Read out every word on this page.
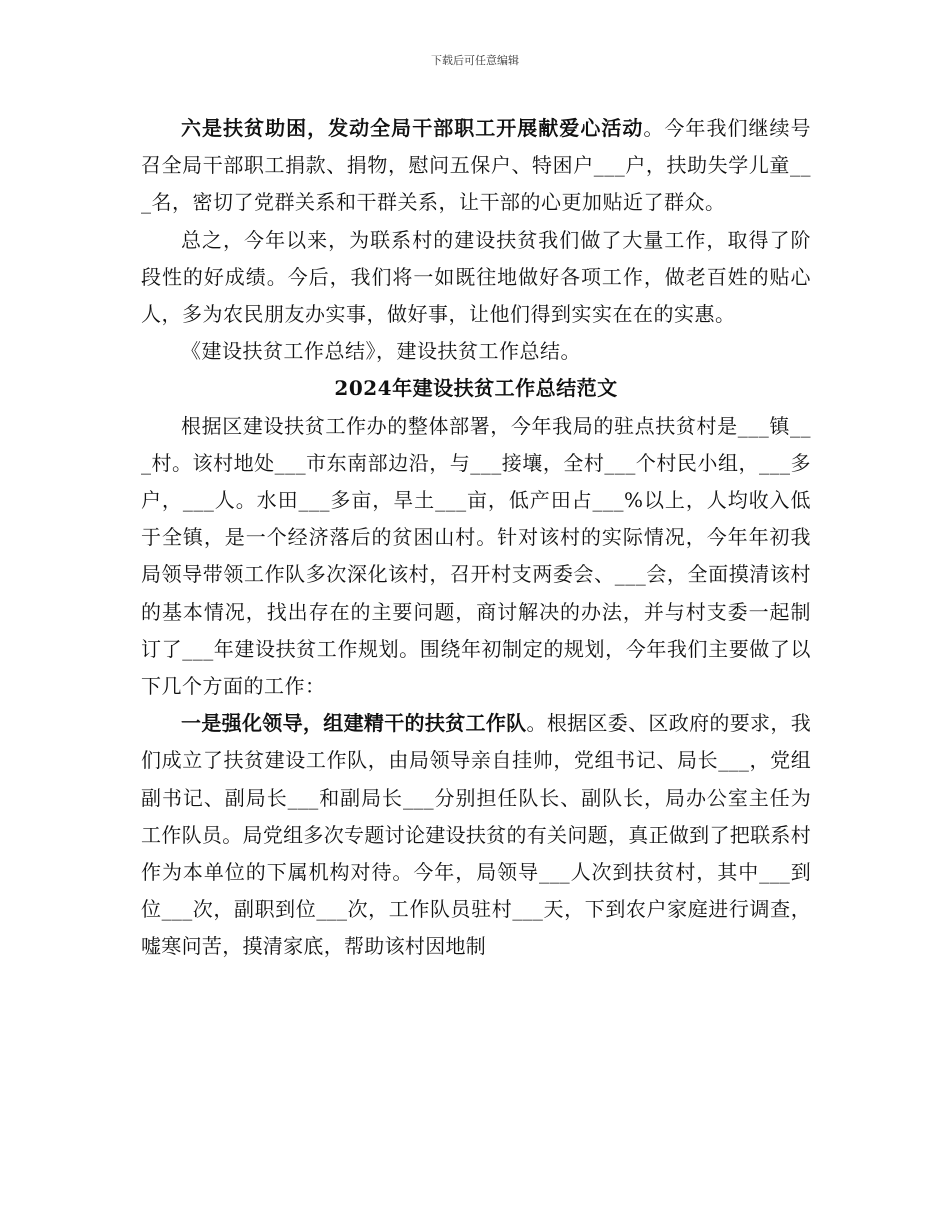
下载后可任意编辑

六是扶贫助困，发动全局干部职工开展献爱心活动。今年我们继续号召全局干部职工捐款、捐物，慰问五保户、特困户___户，扶助失学儿童___名，密切了党群关系和干群关系，让干部的心更加贴近了群众。

总之，今年以来，为联系村的建设扶贫我们做了大量工作，取得了阶段性的好成绩。今后，我们将一如既往地做好各项工作，做老百姓的贴心人，多为农民朋友办实事，做好事，让他们得到实实在在的实惠。

《建设扶贫工作总结》，建设扶贫工作总结。

2024年建设扶贫工作总结范文

根据区建设扶贫工作办的整体部署，今年我局的驻点扶贫村是___镇___村。该村地处___市东南部边沿，与___接壤，全村___个村民小组，___多户，___人。水田___多亩，旱土___亩，低产田占___%以上，人均收入低于全镇，是一个经济落后的贫困山村。针对该村的实际情况，今年年初我局领导带领工作队多次深化该村，召开村支两委会、___会，全面摸清该村的基本情况，找出存在的主要问题，商讨解决的办法，并与村支委一起制订了___年建设扶贫工作规划。围绕年初制定的规划，今年我们主要做了以下几个方面的工作：

一是强化领导，组建精干的扶贫工作队。根据区委、区政府的要求，我们成立了扶贫建设工作队，由局领导亲自挂帅，党组书记、局长___，党组副书记、副局长___和副局长___分别担任队长、副队长，局办公室主任为工作队员。局党组多次专题讨论建设扶贫的有关问题，真正做到了把联系村作为本单位的下属机构对待。今年，局领导___人次到扶贫村，其中___到位___次，副职到位___次，工作队员驻村___天，下到农户家庭进行调查，嘘寒问苦，摸清家底，帮助该村因地制
